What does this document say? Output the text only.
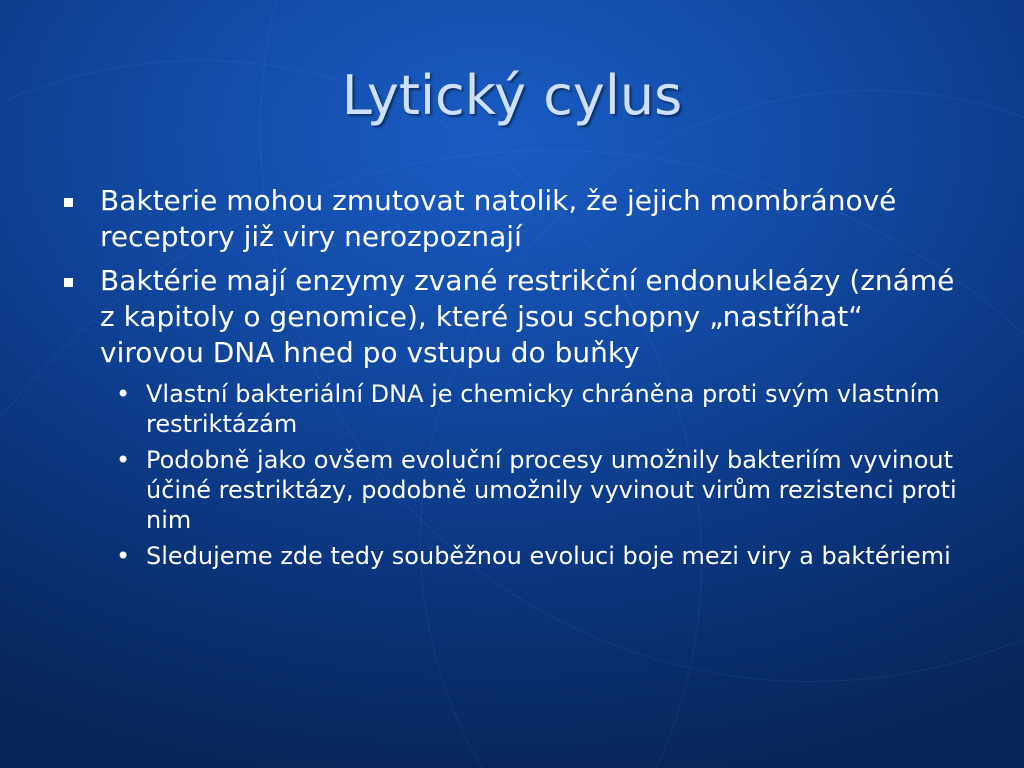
Lytický cylus
Bakterie mohou zmutovat natolik, že jejich mombránové receptory již viry nerozpoznají
Baktérie mají enzymy zvané restrikční endonukleázy (známé z kapitoly o genomice), které jsou schopny „nastříhat“ virovou DNA hned po vstupu do buňky
• Vlastní bakteriální DNA je chemicky chráněna proti svým vlastním restriktázám
• Podobně jako ovšem evoluční procesy umožnily bakteriím vyvinout účiné restriktázy, podobně umožnily vyvinout virům rezistenci proti nim
• Sledujeme zde tedy souběžnou evoluci boje mezi viry a baktériemi
